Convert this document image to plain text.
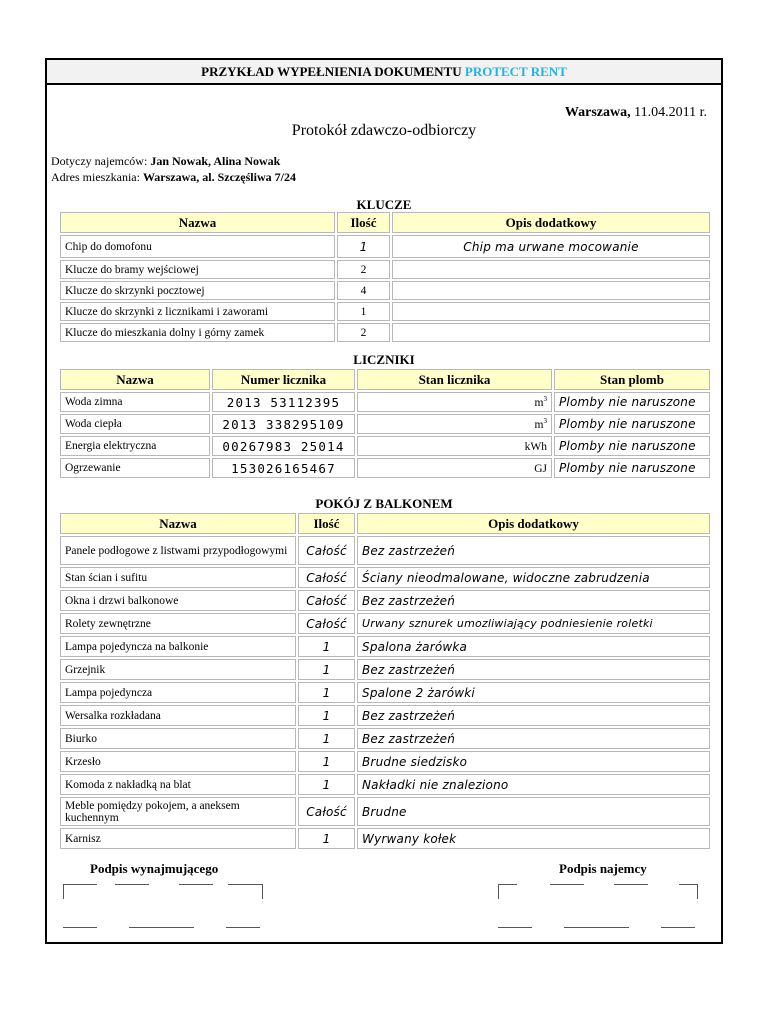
PRZYKŁAD WYPEŁNIENIA DOKUMENTU PROTECT RENT
Warszawa, 11.04.2011 r.
Protokół zdawczo-odbiorczy
Dotyczy najemców: Jan Nowak, Alina Nowak
Adres mieszkania: Warszawa, al. Szczęśliwa 7/24
KLUCZE
Nazwa	Ilość	Opis dodatkowy
Chip do domofonu	1	Chip ma urwane mocowanie
Klucze do bramy wejściowej	2	
Klucze do skrzynki pocztowej	4	
Klucze do skrzynki z licznikami i zaworami	1	
Klucze do mieszkania dolny i górny zamek	2	
LICZNIKI
Nazwa	Numer licznika	Stan licznika	Stan plomb
Woda zimna	2013 53112395	$m^3$	Plomby nie naruszone
Woda ciepła	2013 338295109	$m^3$	Plomby nie naruszone
Energia elektryczna	00267983 25014	kWh	Plomby nie naruszone
Ogrzewanie	153026165467	GJ	Plomby nie naruszone
POKÓJ Z BALKONEM
Nazwa	Ilość	Opis dodatkowy
Panele podłogowe z listwami przypodłogowymi	Całość	Bez zastrzeżeń
Stan ścian i sufitu	Całość	Ściany nieodmalowane, widoczne zabrudzenia
Okna i drzwi balkonowe	Całość	Bez zastrzeżeń
Rolety zewnętrzne	Całość	Urwany sznurek umozliwiający podniesienie roletki
Lampa pojedyncza na balkonie	1	Spalona żarówka
Grzejnik	1	Bez zastrzeżeń
Lampa pojedyncza	1	Spalone 2 żarówki
Wersalka rozkładana	1	Bez zastrzeżeń
Biurko	1	Bez zastrzeżeń
Krzesło	1	Brudne siedzisko
Komoda z nakładką na blat	1	Nakładki nie znaleziono
Meble pomiędzy pokojem, a aneksem kuchennym	Całość	Brudne
Karnisz	1	Wyrwany kołek
Podpis wynajmującego	Podpis najemcy
